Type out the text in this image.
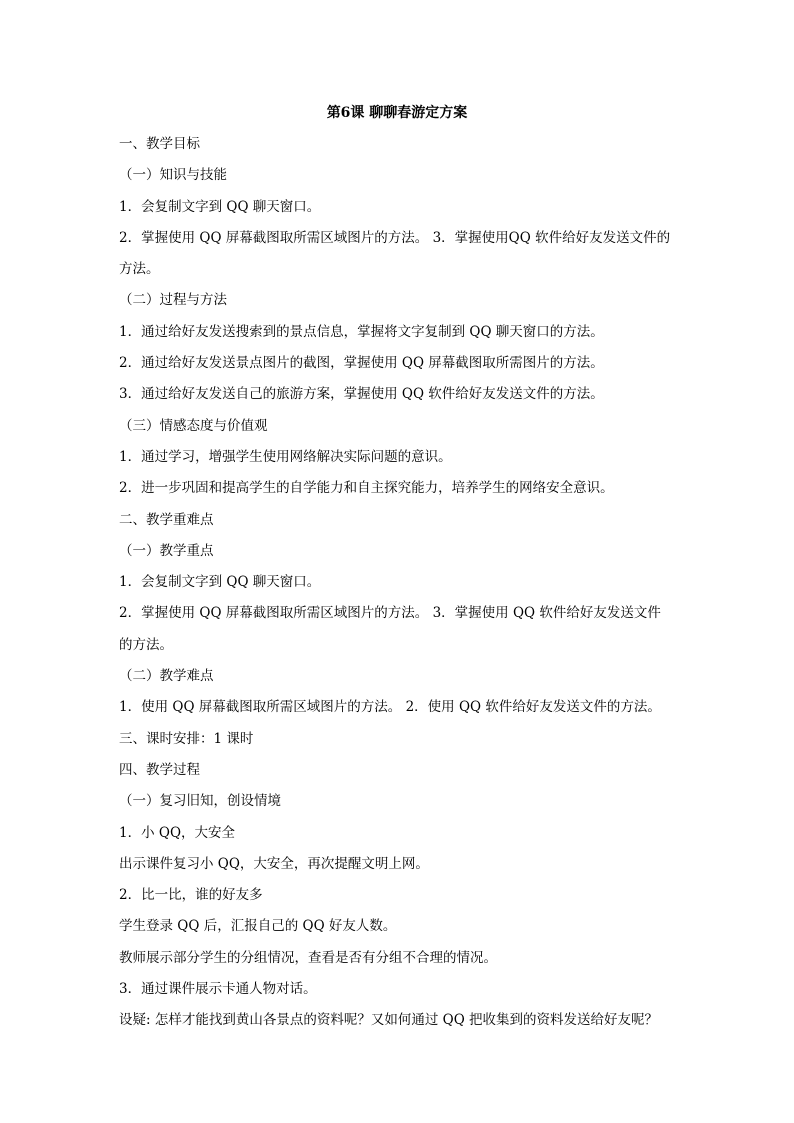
第6课 聊聊春游定方案
一、教学目标
（一）知识与技能
1．会复制文字到 QQ 聊天窗口。
2．掌握使用 QQ 屏幕截图取所需区域图片的方法。 3．掌握使用QQ 软件给好友发送文件的
方法。
（二）过程与方法
1．通过给好友发送搜索到的景点信息，掌握将文字复制到 QQ 聊天窗口的方法。
2．通过给好友发送景点图片的截图，掌握使用 QQ 屏幕截图取所需图片的方法。
3．通过给好友发送自己的旅游方案，掌握使用 QQ 软件给好友发送文件的方法。
（三）情感态度与价值观
1．通过学习，增强学生使用网络解决实际问题的意识。
2．进一步巩固和提高学生的自学能力和自主探究能力，培养学生的网络安全意识。
二、教学重难点
（一）教学重点
1．会复制文字到 QQ 聊天窗口。
2．掌握使用 QQ 屏幕截图取所需区域图片的方法。 3．掌握使用 QQ 软件给好友发送文件
的方法。
（二）教学难点
1．使用 QQ 屏幕截图取所需区域图片的方法。 2．使用 QQ 软件给好友发送文件的方法。
三、课时安排：1 课时
四、教学过程
（一）复习旧知，创设情境
1．小 QQ，大安全
出示课件复习小 QQ，大安全，再次提醒文明上网。
2．比一比，谁的好友多
学生登录 QQ 后，汇报自己的 QQ 好友人数。
教师展示部分学生的分组情况，查看是否有分组不合理的情况。
3．通过课件展示卡通人物对话。
设疑: 怎样才能找到黄山各景点的资料呢？又如何通过 QQ 把收集到的资料发送给好友呢？
